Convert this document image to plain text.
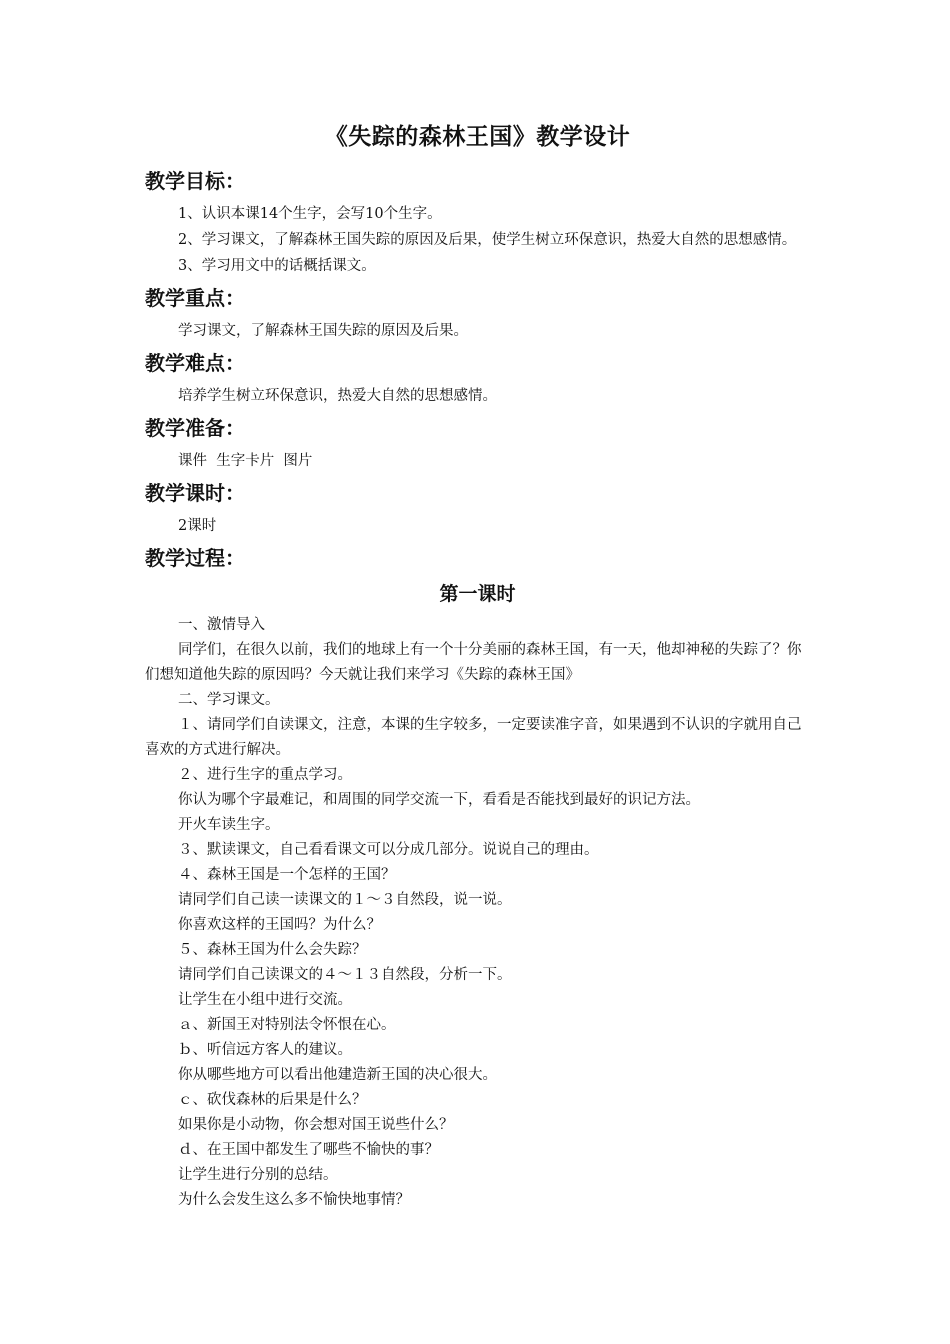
《失踪的森林王国》教学设计
教学目标：

1、认识本课14个生字，会写10个生字。

2、学习课文，了解森林王国失踪的原因及后果，使学生树立环保意识，热爱大自然的思想感情。

3、学习用文中的话概括课文。

教学重点：

学习课文，了解森林王国失踪的原因及后果。

教学难点：

培养学生树立环保意识，热爱大自然的思想感情。

教学准备：

课件  生字卡片  图片

教学课时：

2课时

教学过程：
第一课时

一、激情导入

同学们，在很久以前，我们的地球上有一个十分美丽的森林王国，有一天，他却神秘的失踪了？你们想知道他失踪的原因吗？今天就让我们来学习《失踪的森林王国》

二、学习课文。

１、请同学们自读课文，注意，本课的生字较多，一定要读准字音，如果遇到不认识的字就用自己喜欢的方式进行解决。

２、进行生字的重点学习。

你认为哪个字最难记，和周围的同学交流一下，看看是否能找到最好的识记方法。

开火车读生字。

３、默读课文，自己看看课文可以分成几部分。说说自己的理由。

４、森林王国是一个怎样的王国？

请同学们自己读一读课文的１～３自然段，说一说。

你喜欢这样的王国吗？为什么？

５、森林王国为什么会失踪？

请同学们自己读课文的４～１３自然段，分析一下。

让学生在小组中进行交流。

ａ、新国王对特别法令怀恨在心。

ｂ、听信远方客人的建议。

你从哪些地方可以看出他建造新王国的决心很大。

ｃ、砍伐森林的后果是什么？

如果你是小动物，你会想对国王说些什么？

ｄ、在王国中都发生了哪些不愉快的事？

让学生进行分别的总结。

为什么会发生这么多不愉快地事情？
